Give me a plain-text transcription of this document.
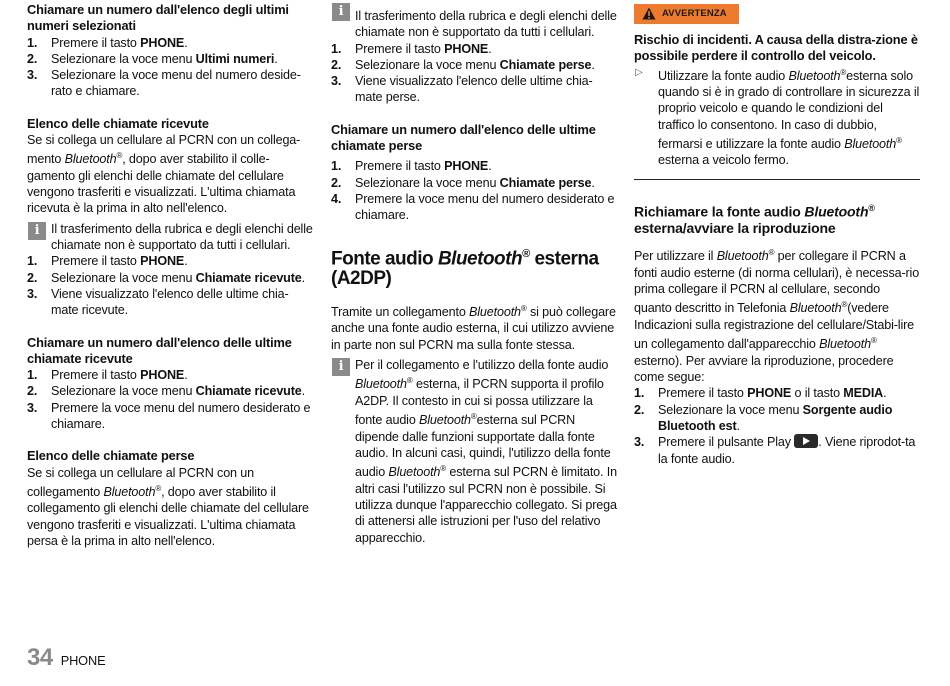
Chiamare un numero dall'elenco degli ultimi numeri selezionati
1. Premere il tasto PHONE.
2. Selezionare la voce menu Ultimi numeri.
3. Selezionare la voce menu del numero deside-rato e chiamare.
Elenco delle chiamate ricevute

Se si collega un cellulare al PCRN con un collega-mento Bluetooth®, dopo aver stabilito il colle-gamento gli elenchi delle chiamate del cellulare vengono trasferiti e visualizzati. L'ultima chiamata ricevuta è la prima in alto nell'elenco.

i Il trasferimento della rubrica e degli elenchi delle chiamate non è supportato da tutti i cellulari.
1. Premere il tasto PHONE.
2. Selezionare la voce menu Chiamate ricevute.
3. Viene visualizzato l'elenco delle ultime chia-mate ricevute.
Chiamare un numero dall'elenco delle ultime chiamate ricevute
1. Premere il tasto PHONE.
2. Selezionare la voce menu Chiamate ricevute.
3. Premere la voce menu del numero desiderato e chiamare.
Elenco delle chiamate perse

Se si collega un cellulare al PCRN con un collegamento Bluetooth®, dopo aver stabilito il collegamento gli elenchi delle chiamate del cellulare vengono trasferiti e visualizzati. L'ultima chiamata persa è la prima in alto nell'elenco.

i Il trasferimento della rubrica e degli elenchi delle chiamate non è supportato da tutti i cellulari.
1. Premere il tasto PHONE.
2. Selezionare la voce menu Chiamate perse.
3. Viene visualizzato l'elenco delle ultime chia-mate perse.
Chiamare un numero dall'elenco delle ultime chiamate perse
1. Premere il tasto PHONE.
2. Selezionare la voce menu Chiamate perse.
4. Premere la voce menu del numero desiderato e chiamare.
Fonte audio Bluetooth® esterna (A2DP)

Tramite un collegamento Bluetooth® si può collegare anche una fonte audio esterna, il cui utilizzo avviene in parte non sul PCRN ma sulla fonte stessa.

i Per il collegamento e l'utilizzo della fonte audio Bluetooth® esterna, il PCRN supporta il profilo A2DP. Il contesto in cui si possa utilizzare la fonte audio Bluetooth®esterna sul PCRN dipende dalle funzioni supportate dalla fonte audio. In alcuni casi, quindi, l'utilizzo della fonte audio Bluetooth® esterna sul PCRN è limitato. In altri casi l'utilizzo sul PCRN non è possibile. Si utilizza dunque l'apparecchio collegato. Si prega di attenersi alle istruzioni per l'uso del relativo apparecchio.
AVVERTENZA
Rischio di incidenti. A causa della distra-zione è possibile perdere il controllo del veicolo.
▷ Utilizzare la fonte audio Bluetooth®esterna solo quando si è in grado di controllare in sicurezza il proprio veicolo e quando le condizioni del traffico lo consentono. In caso di dubbio, fermarsi e utilizzare la fonte audio Bluetooth® esterna a veicolo fermo.
Richiamare la fonte audio Bluetooth® esterna/avviare la riproduzione

Per utilizzare il Bluetooth® per collegare il PCRN a fonti audio esterne (di norma cellulari), è necessa-rio prima collegare il PCRN al cellulare, secondo quanto descritto in Telefonia Bluetooth®(vedere Indicazioni sulla registrazione del cellulare/Stabi-lire un collegamento dall'apparecchio Bluetooth® esterno). Per avviare la riproduzione, procedere come segue:

1. Premere il tasto PHONE o il tasto MEDIA.
2. Selezionare la voce menu Sorgente audio Bluetooth est.
3. Premere il pulsante Play . Viene riprodot-ta la fonte audio.
34 PHONE
